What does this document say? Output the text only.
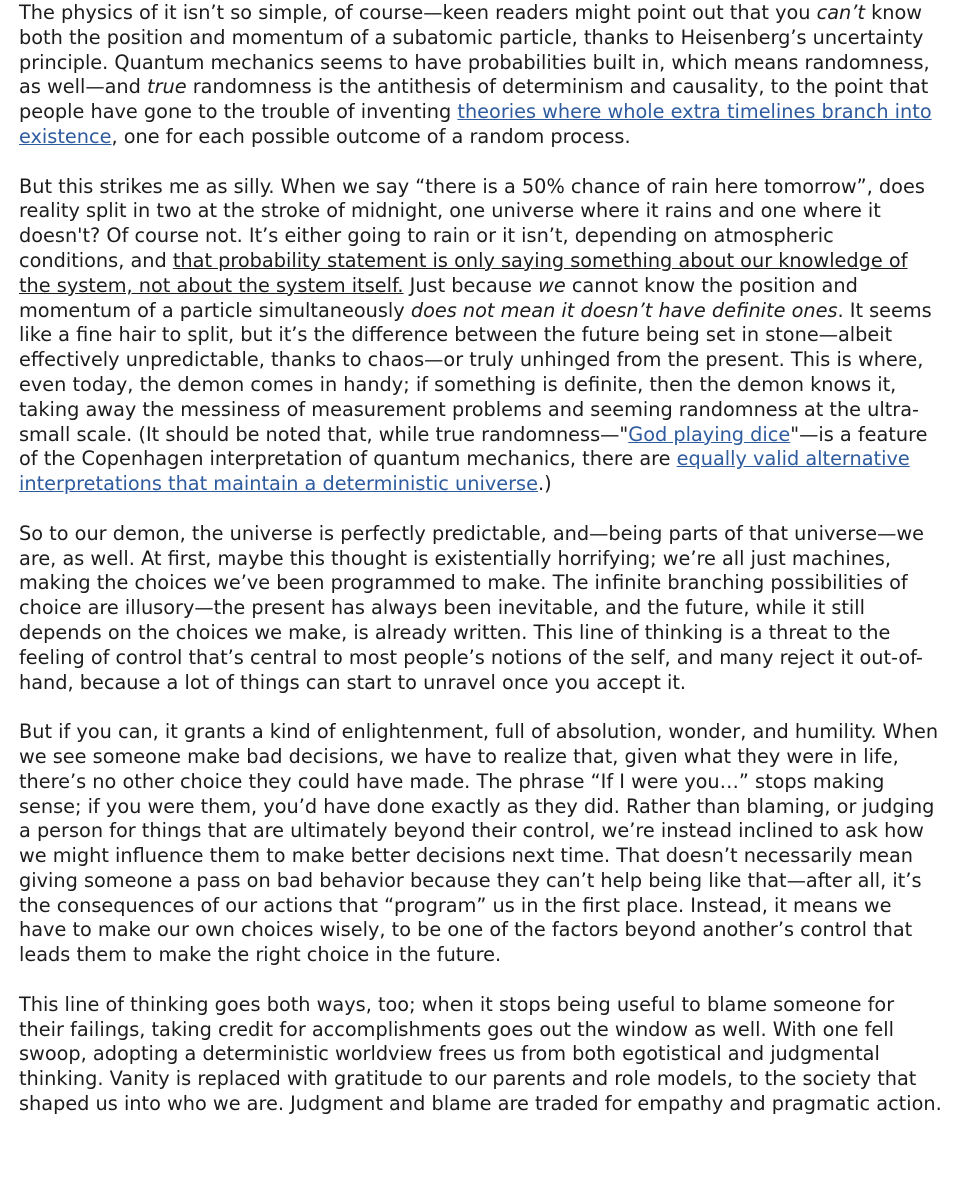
The physics of it isn’t so simple, of course—keen readers might point out that you can’t know both the position and momentum of a subatomic particle, thanks to Heisenberg’s uncertainty principle. Quantum mechanics seems to have probabilities built in, which means randomness, as well—and true randomness is the antithesis of determinism and causality, to the point that people have gone to the trouble of inventing theories where whole extra timelines branch into existence, one for each possible outcome of a random process.

But this strikes me as silly. When we say “there is a 50% chance of rain here tomorrow”, does reality split in two at the stroke of midnight, one universe where it rains and one where it doesn't? Of course not. It’s either going to rain or it isn’t, depending on atmospheric conditions, and that probability statement is only saying something about our knowledge of the system, not about the system itself. Just because we cannot know the position and momentum of a particle simultaneously does not mean it doesn’t have definite ones. It seems like a fine hair to split, but it’s the difference between the future being set in stone—albeit effectively unpredictable, thanks to chaos—or truly unhinged from the present. This is where, even today, the demon comes in handy; if something is definite, then the demon knows it, taking away the messiness of measurement problems and seeming randomness at the ultra-small scale. (It should be noted that, while true randomness—"God playing dice"—is a feature of the Copenhagen interpretation of quantum mechanics, there are equally valid alternative interpretations that maintain a deterministic universe.)

So to our demon, the universe is perfectly predictable, and—being parts of that universe—we are, as well. At first, maybe this thought is existentially horrifying; we’re all just machines, making the choices we’ve been programmed to make. The infinite branching possibilities of choice are illusory—the present has always been inevitable, and the future, while it still depends on the choices we make, is already written. This line of thinking is a threat to the feeling of control that’s central to most people’s notions of the self, and many reject it out-of-hand, because a lot of things can start to unravel once you accept it.

But if you can, it grants a kind of enlightenment, full of absolution, wonder, and humility. When we see someone make bad decisions, we have to realize that, given what they were in life, there’s no other choice they could have made. The phrase “If I were you…” stops making sense; if you were them, you’d have done exactly as they did. Rather than blaming, or judging a person for things that are ultimately beyond their control, we’re instead inclined to ask how we might influence them to make better decisions next time. That doesn’t necessarily mean giving someone a pass on bad behavior because they can’t help being like that—after all, it’s the consequences of our actions that “program” us in the first place. Instead, it means we have to make our own choices wisely, to be one of the factors beyond another’s control that leads them to make the right choice in the future.

This line of thinking goes both ways, too; when it stops being useful to blame someone for their failings, taking credit for accomplishments goes out the window as well. With one fell swoop, adopting a deterministic worldview frees us from both egotistical and judgmental thinking. Vanity is replaced with gratitude to our parents and role models, to the society that shaped us into who we are. Judgment and blame are traded for empathy and pragmatic action.
